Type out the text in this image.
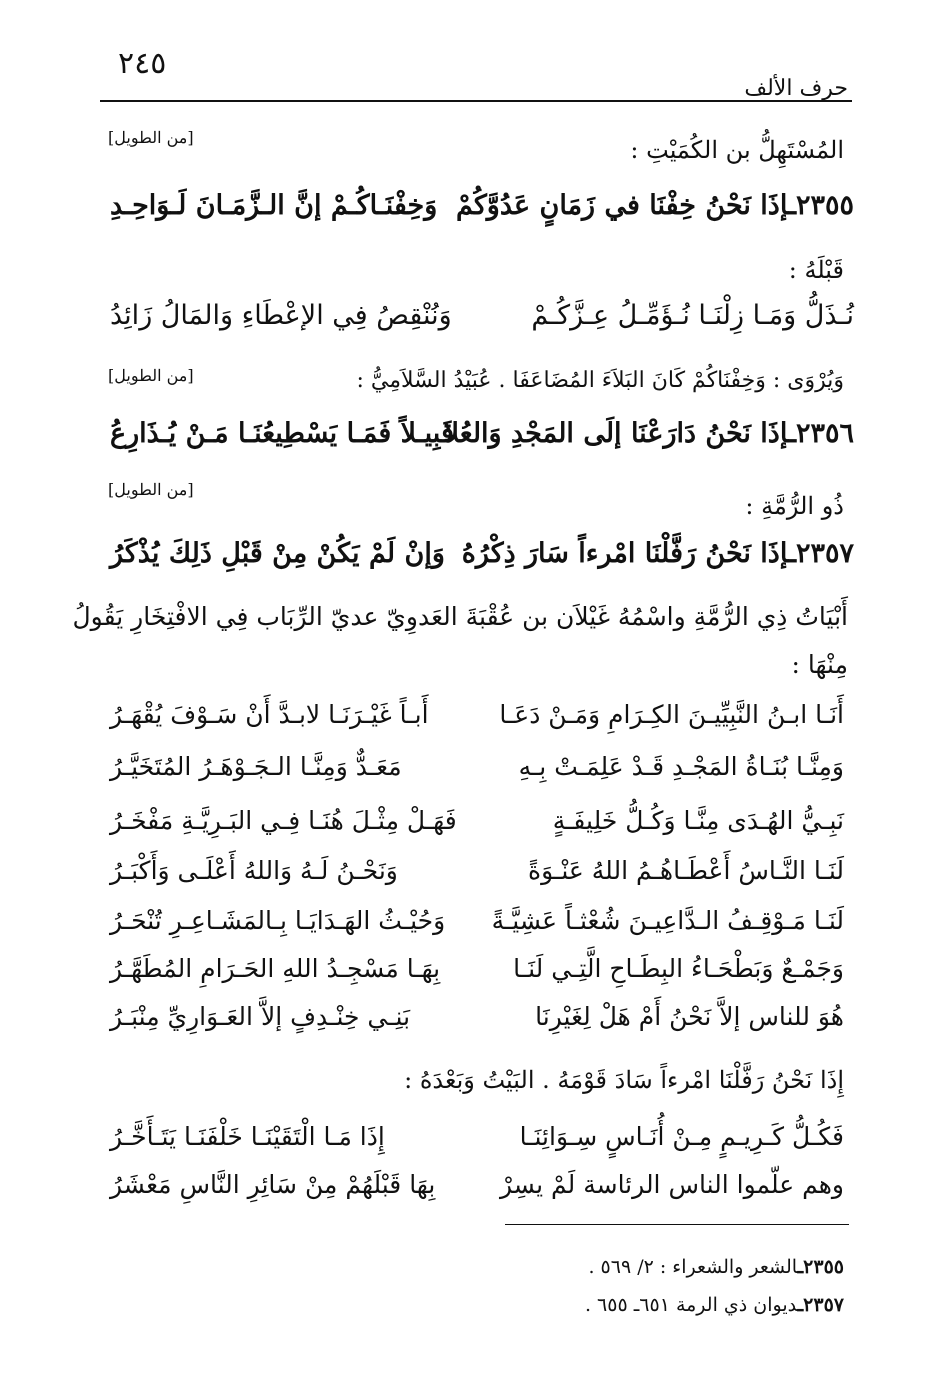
٢٤٥
حرف الألف
المُسْتَهِلُّ بن الكُمَيْتِ :
[من الطويل]
٢٣٥٥ـإذَا نَحْنُ خِفْنَا في زَمَانٍ عَدُوَّكُمْ
وَخِفْنَـاكُـمْ إنَّ الـزَّمَـانَ لَـوَاحِـدِ
قَبْلَهُ :
نُـذَلُّ وَمَـا زِلْنَـا نُـؤَمِّـلُ عِـزَّكُـمْ
وَنُنْقِصُ فِي الإعْطَاءِ وَالمَالُ زَائِدُ
وَيُرْوَى : وَخِفْنَاكُمْ كَانَ البَلاَءَ المُضَاعَفَا . عُبَيْدُ السَّلاَمِيُّ :
[من الطويل]
٢٣٥٦ـإذَا نَحْنُ دَارَعْنَا إلَى المَجْدِ وَالعُلا
قَبِيـلاً فَمَـا يَسْطِيعُنَـا مَـنْ يُـذَارِعُ
ذُو الرُّمَّةِ :
[من الطويل]
٢٣٥٧ـإذَا نَحْنُ رَفَّلْنَا امْرءاً سَارَ ذِكْرُهُ
وَإنْ لَمْ يَكُنْ مِنْ قَبْلِ ذَلِكَ يُذْكَرُ
أَبْيَاتُ ذِي الرُّمَّةِ واسْمُهُ غَيْلاَن بن عُقْبَةَ العَدوِيّ عديّ الرِّبَاب فِي الافْتِخَارِ يَقُولُ
مِنْهَا :
أَنَـا ابـنُ النَّبِيِّيـنَ الكِـرَامِ وَمَـنْ دَعَـا
أَبـاً غَيْـرَنَـا لابـدَّ أَنْ سَـوْفَ يُقْهَـرُ
وَمِنَّـا بُنَـاةُ المَجْـدِ قَـدْ عَلِمَـتْ بِـهِ
مَعَـدٌّ وَمِنَّـا الـجَـوْهَـرُ المُتَخَيَّـرُ
نَبِـيُّ الهُـدَى مِنَّـا وَكُـلُّ خَلِيفَـةٍ
فَهَـلْ مِثْـلَ هُنَـا فِـي البَـرِيَّـةِ مَفْخَـرُ
لَنَـا النَّـاسُ أَعْطَـاهُـمُ اللهُ عَنْـوَةً
وَنَحْـنُ لَـهُ وَاللهُ أَعْلَـى وَأَكْبَـرُ
لَنَـا مَـوْقِـفُ الـدَّاعِيـنَ شُعْثـاً عَشِيَّـةً
وَحُيْـثُ الهَـدَايَـا بِـالمَشَـاعِـرِ تُنْحَـرُ
وَجَمْـعٌ وَبَطْحَـاءُ البِطَـاحِ الَّتِـي لَنَـا
بِهَـا مَسْجِـدُ اللهِ الحَـرَامِ المُطَهَّـرُ
هُوَ للناس إلاَّ نَحْنُ أَمْ هَلْ لِغَيْرِنَا
بَنِـي خِنْـدِفٍ إلاَّ العَـوَارِيِّ مِنْبَـرُ
إِذَا نَحْنُ رَفَّلْنَا امْرءاً سَادَ قَوْمَهُ . البَيْتُ وَبَعْدَهُ :
فَكُـلُّ كَـرِيـمٍ مِـنْ أُنَـاسٍ سِـوَائِنَـا
إِذَا مَـا الْتَقَيْنَـا خَلْفَنَـا يَتَـأَخَّـرُ
وهم علّموا الناس الرئاسة لَمْ يسِرْ
بِهَا قَبْلَهُمْ مِنْ سَائِرِ النَّاسِ مَعْشَرُ
٢٣٥٥ـالشعر والشعراء : ٢/ ٥٦٩ .
٢٣٥٧ـديوان ذي الرمة ٦٥١ـ ٦٥٥ .
